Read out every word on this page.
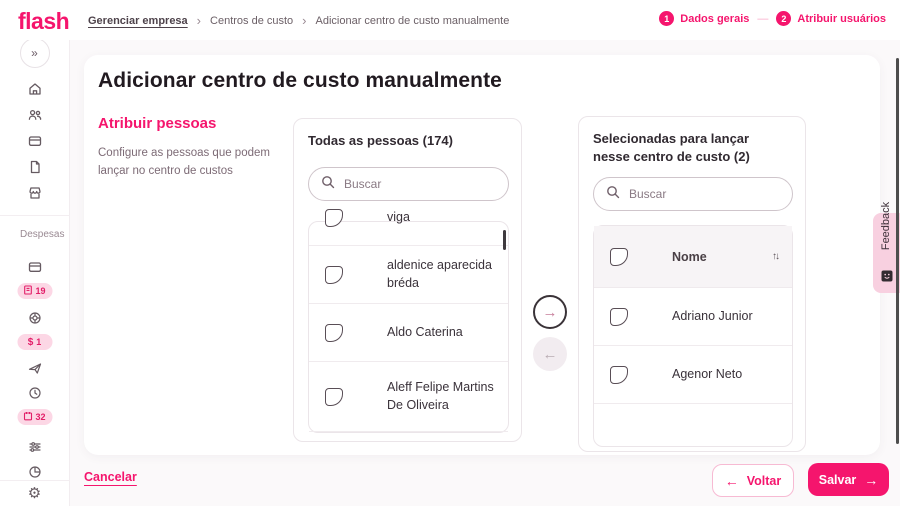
flash Gerenciar empresa › Centros de custo › Adicionar centro de custo manualmente	1	Dados gerais —	2	Atribuir usuários
»
Despesas
19
$ 1
32
⚙
Adicionar centro de custo manualmente
Atribuir pessoas
Configure as pessoas que podem lançar no centro de custos
Todas as pessoas (174)
Buscar
viga
aldenice aparecida bréda
Aldo Caterina
Aleff Felipe Martins De Oliveira
→
←
Selecionadas para lançar nesse centro de custo (2)
Buscar
Nome	↑↓
Adriano Junior
Agenor Neto
Cancelar	← Voltar	Salvar →
Feedback
